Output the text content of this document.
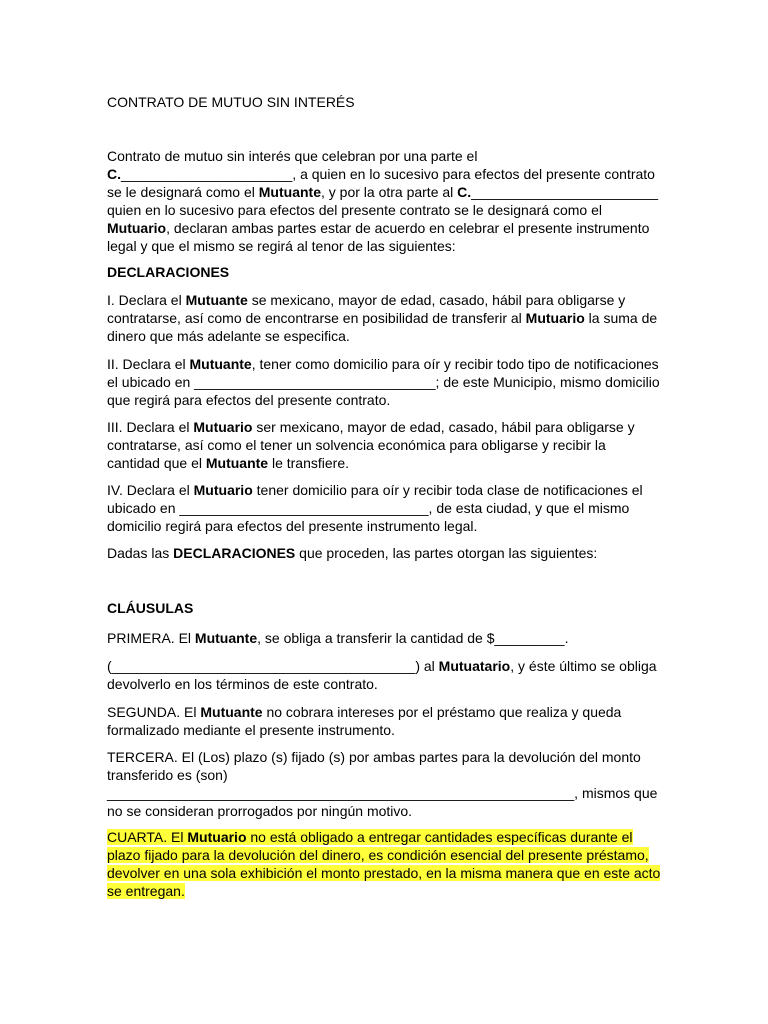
CONTRATO DE MUTUO SIN INTERÉS

Contrato de mutuo sin interés que celebran por una parte el C.______________________, a quien en lo sucesivo para efectos del presente contrato se le designará como el Mutuante, y por la otra parte al C.________________________ quien en lo sucesivo para efectos del presente contrato se le designará como el Mutuario, declaran ambas partes estar de acuerdo en celebrar el presente instrumento legal y que el mismo se regirá al tenor de las siguientes:

DECLARACIONES

I. Declara el Mutuante se mexicano, mayor de edad, casado, hábil para obligarse y contratarse, así como de encontrarse en posibilidad de transferir al Mutuario la suma de dinero que más adelante se especifica.

II. Declara el Mutuante, tener como domicilio para oír y recibir todo tipo de notificaciones el ubicado en _______________________________; de este Municipio, mismo domicilio que regirá para efectos del presente contrato.

III. Declara el Mutuario ser mexicano, mayor de edad, casado, hábil para obligarse y contratarse, así como el tener un solvencia económica para obligarse y recibir la cantidad que el Mutuante le transfiere.

IV. Declara el Mutuario tener domicilio para oír y recibir toda clase de notificaciones el ubicado en ________________________________, de esta ciudad, y que el mismo domicilio regirá para efectos del presente instrumento legal.

Dadas las DECLARACIONES que proceden, las partes otorgan las siguientes:

CLÁUSULAS

PRIMERA. El Mutuante, se obliga a transferir la cantidad de $_________.

(_______________________________________) al Mutuatario, y éste último se obliga devolverlo en los términos de este contrato.

SEGUNDA. El Mutuante no cobrara intereses por el préstamo que realiza y queda formalizado mediante el presente instrumento.

TERCERA. El (Los) plazo (s) fijado (s) por ambas partes para la devolución del monto transferido es (son) ____________________________________________________________, mismos que no se consideran prorrogados por ningún motivo.

CUARTA. El Mutuario no está obligado a entregar cantidades específicas durante el plazo fijado para la devolución del dinero, es condición esencial del presente préstamo, devolver en una sola exhibición el monto prestado, en la misma manera que en este acto se entregan.
